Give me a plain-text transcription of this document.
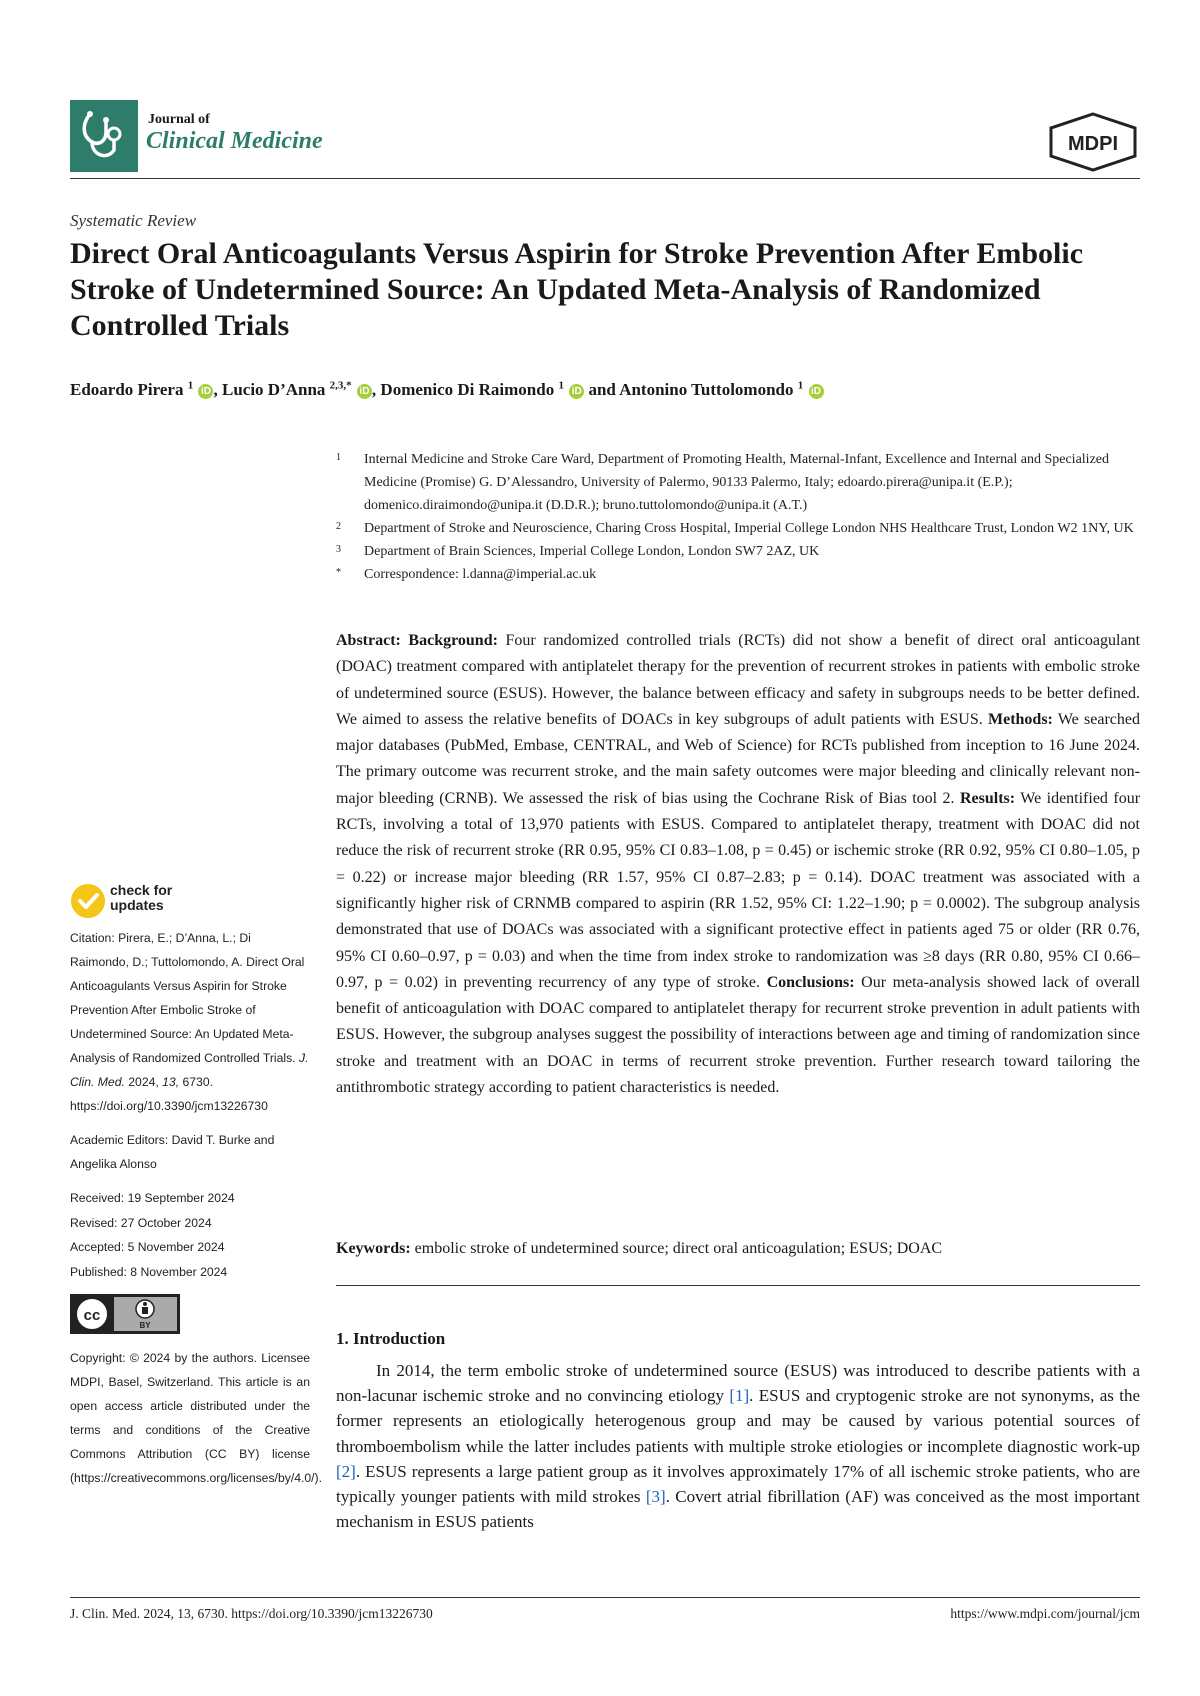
Journal of
Clinical Medicine	MDPI
Systematic Review
Direct Oral Anticoagulants Versus Aspirin for Stroke Prevention After Embolic Stroke of Undetermined Source: An Updated Meta-Analysis of Randomized Controlled Trials
Edoardo Pirera $^1$ iD , Lucio D’Anna $^{2,3,*}$ iD , Domenico Di Raimondo $^1$ iD and Antonino Tuttolomondo $^1$ iD
1 Internal Medicine and Stroke Care Ward, Department of Promoting Health, Maternal-Infant, Excellence and Internal and Specialized Medicine (Promise) G. D’Alessandro, University of Palermo, 90133 Palermo, Italy; edoardo.pirera@unipa.it (E.P.); domenico.diraimondo@unipa.it (D.D.R.); bruno.tuttolomondo@unipa.it (A.T.)
2 Department of Stroke and Neuroscience, Charing Cross Hospital, Imperial College London NHS Healthcare Trust, London W2 1NY, UK
3 Department of Brain Sciences, Imperial College London, London SW7 2AZ, UK
* Correspondence: l.danna@imperial.ac.uk
Abstract: Background: Four randomized controlled trials (RCTs) did not show a benefit of direct oral anticoagulant (DOAC) treatment compared with antiplatelet therapy for the prevention of recurrent strokes in patients with embolic stroke of undetermined source (ESUS). However, the balance between efficacy and safety in subgroups needs to be better defined. We aimed to assess the relative benefits of DOACs in key subgroups of adult patients with ESUS. Methods: We searched major databases (PubMed, Embase, CENTRAL, and Web of Science) for RCTs published from inception to 16 June 2024. The primary outcome was recurrent stroke, and the main safety outcomes were major bleeding and clinically relevant non-major bleeding (CRNB). We assessed the risk of bias using the Cochrane Risk of Bias tool 2. Results: We identified four RCTs, involving a total of 13,970 patients with ESUS. Compared to antiplatelet therapy, treatment with DOAC did not reduce the risk of recurrent stroke (RR 0.95, 95% CI 0.83–1.08, p = 0.45) or ischemic stroke (RR 0.92, 95% CI 0.80–1.05, p = 0.22) or increase major bleeding (RR 1.57, 95% CI 0.87–2.83; p = 0.14). DOAC treatment was associated with a significantly higher risk of CRNMB compared to aspirin (RR 1.52, 95% CI: 1.22–1.90; p = 0.0002). The subgroup analysis demonstrated that use of DOACs was associated with a significant protective effect in patients aged 75 or older (RR 0.76, 95% CI 0.60–0.97, p = 0.03) and when the time from index stroke to randomization was ≥8 days (RR 0.80, 95% CI 0.66–0.97, p = 0.02) in preventing recurrency of any type of stroke. Conclusions: Our meta-analysis showed lack of overall benefit of anticoagulation with DOAC compared to antiplatelet therapy for recurrent stroke prevention in adult patients with ESUS. However, the subgroup analyses suggest the possibility of interactions between age and timing of randomization since stroke and treatment with an DOAC in terms of recurrent stroke prevention. Further research toward tailoring the antithrombotic strategy according to patient characteristics is needed.
Keywords: embolic stroke of undetermined source; direct oral anticoagulation; ESUS; DOAC
1. Introduction
In 2014, the term embolic stroke of undetermined source (ESUS) was introduced to describe patients with a non-lacunar ischemic stroke and no convincing etiology [1]. ESUS and cryptogenic stroke are not synonyms, as the former represents an etiologically heterogenous group and may be caused by various potential sources of thromboembolism while the latter includes patients with multiple stroke etiologies or incomplete diagnostic work-up [2]. ESUS represents a large patient group as it involves approximately 17% of all ischemic stroke patients, who are typically younger patients with mild strokes [3]. Covert atrial fibrillation (AF) was conceived as the most important mechanism in ESUS patients
check for
updates
Citation: Pirera, E.; D’Anna, L.; Di Raimondo, D.; Tuttolomondo, A. Direct Oral Anticoagulants Versus Aspirin for Stroke Prevention After Embolic Stroke of Undetermined Source: An Updated Meta-Analysis of Randomized Controlled Trials. J. Clin. Med. 2024, 13, 6730. https://doi.org/10.3390/jcm13226730
Academic Editors: David T. Burke and Angelika Alonso
Received: 19 September 2024
Revised: 27 October 2024
Accepted: 5 November 2024
Published: 8 November 2024
cc
BY
Copyright: © 2024 by the authors. Licensee MDPI, Basel, Switzerland. This article is an open access article distributed under the terms and conditions of the Creative Commons Attribution (CC BY) license (https://creativecommons.org/licenses/by/4.0/).
J. Clin. Med. 2024, 13, 6730. https://doi.org/10.3390/jcm13226730	https://www.mdpi.com/journal/jcm
